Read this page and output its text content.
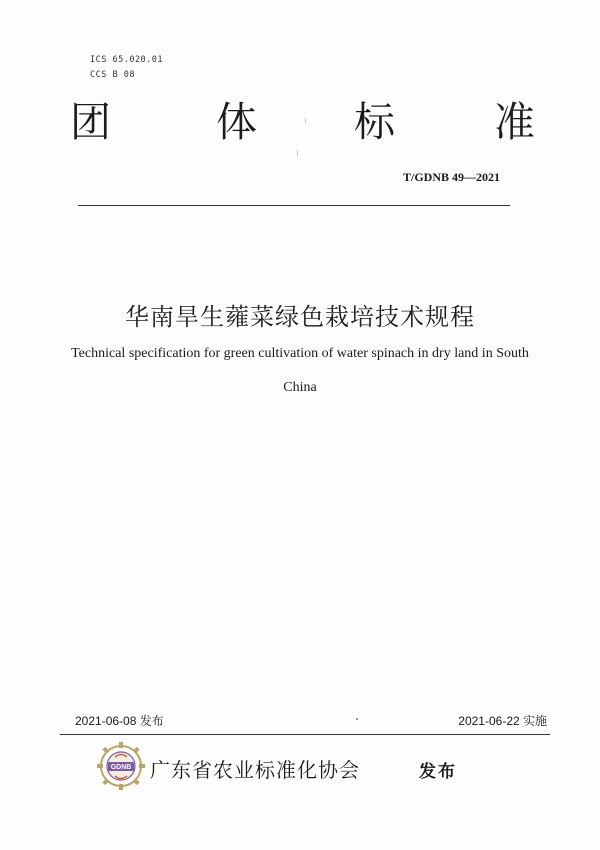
ICS 65.020.01
CCS B 08
团	体 标 准
T/GDNB 49—2021
华南旱生蕹菜绿色栽培技术规程
Technical specification for green cultivation of water spinach in dry land in South
China
2021-06-08 发布	2021-06-22 实施
GDNB 广东省农业标准化协会	发布
